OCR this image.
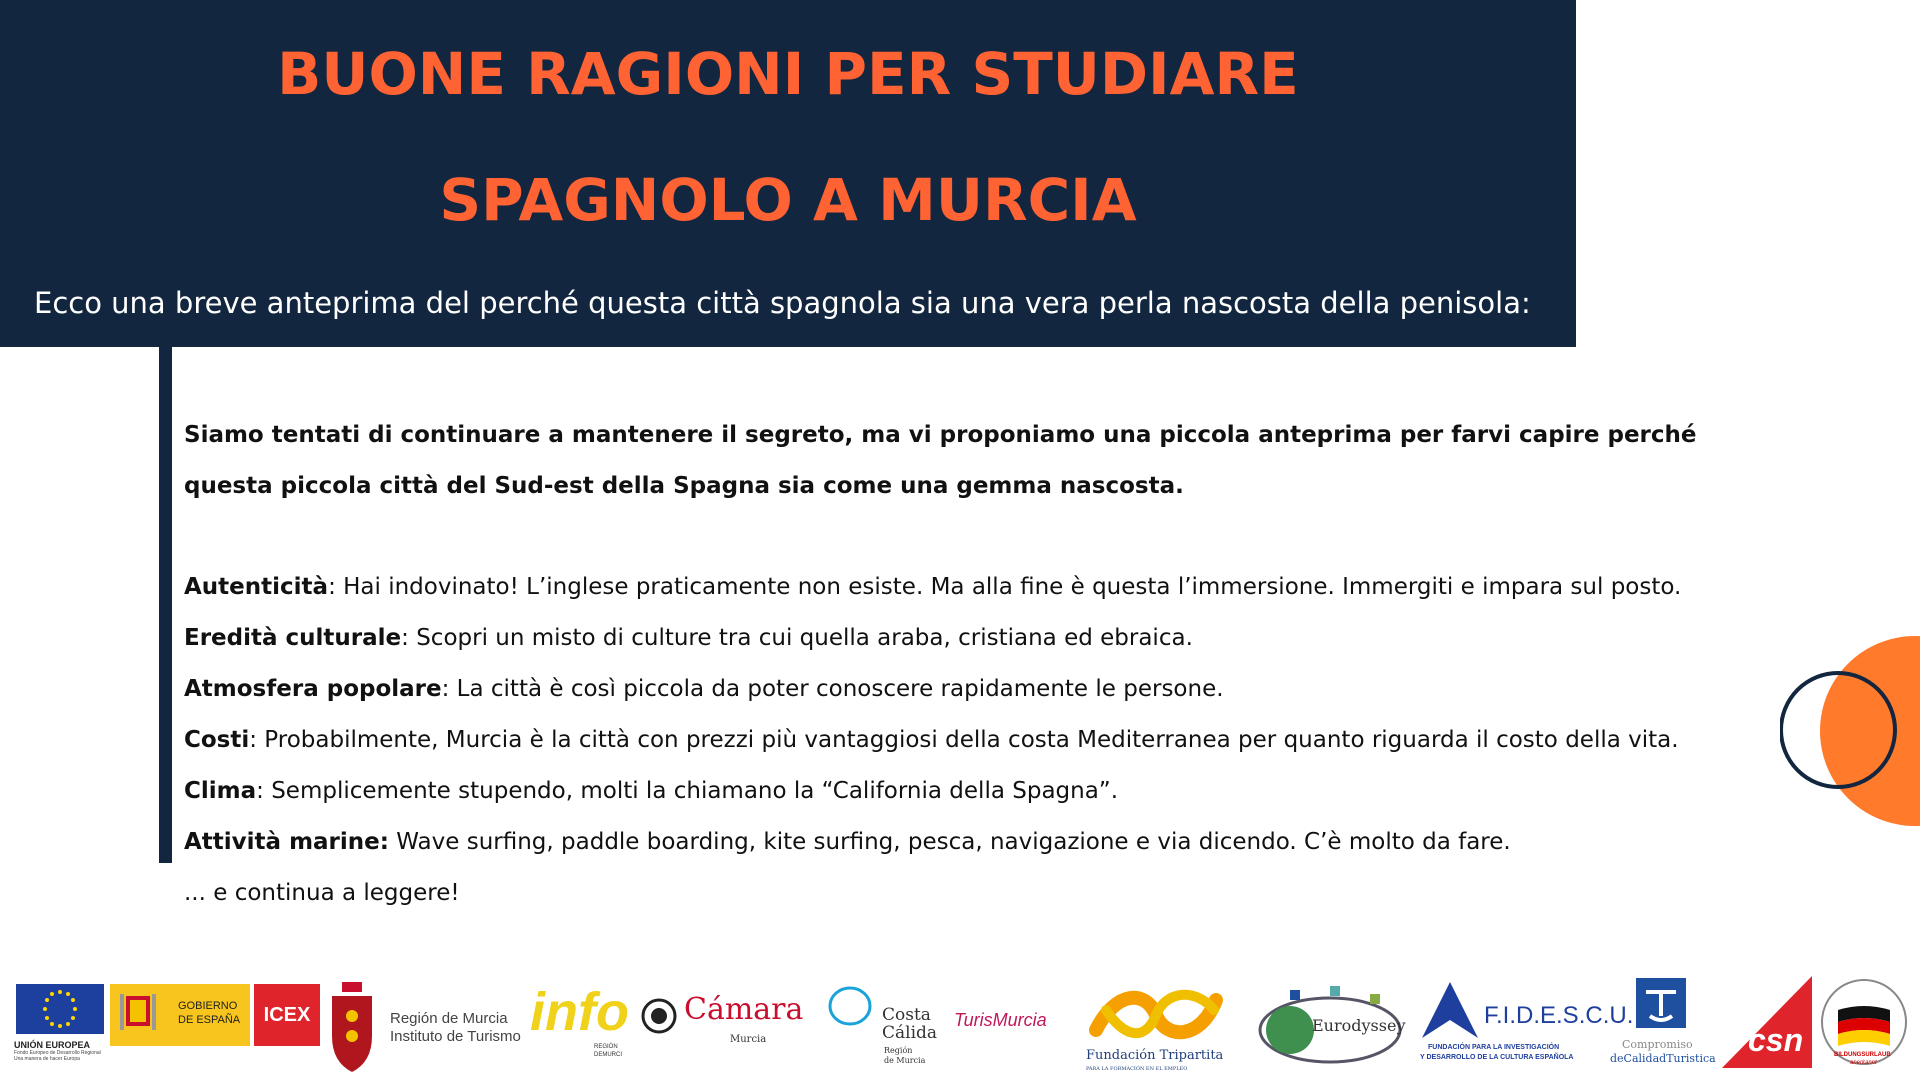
BUONE RAGIONI PER STUDIARE
SPAGNOLO A MURCIA
Ecco una breve anteprima del perché questa città spagnola sia una vera perla nascosta della penisola:

Siamo tentati di continuare a mantenere il segreto, ma vi proponiamo una piccola anteprima per farvi capire perché questa piccola città del Sud-est della Spagna sia come una gemma nascosta.

Autenticità: Hai indovinato! L’inglese praticamente non esiste. Ma alla fine è questa l’immersione. Immergiti e impara sul posto.

Eredità culturale: Scopri un misto di culture tra cui quella araba, cristiana ed ebraica.

Atmosfera popolare: La città è così piccola da poter conoscere rapidamente le persone.

Costi: Probabilmente, Murcia è la città con prezzi più vantaggiosi della costa Mediterranea per quanto riguarda il costo della vita.

Clima: Semplicemente stupendo, molti la chiamano la “California della Spagna”.

Attività marine: Wave surfing, paddle boarding, kite surfing, pesca, navigazione e via dicendo. C’è molto da fare.

... e continua a leggere!

UNIÓN EUROPEA
Fondo Europeo de Desarrollo Regional
Una manera de hacer Europa
GOBIERNO
DE ESPAÑA	ICEX	Región de Murcia
Instituto de Turismo info
REGIÓN
DEMURCI
Cámara
Murcia
Costa
Cálida
Región
de Murcia
TurisMurcia
Fundación Tripartita
PARA LA FORMACIÓN EN EL EMPLEO
Eurodyssey	F.I.D.E.S.C.U.
FUNDACIÓN PARA LA INVESTIGACIÓN
Y DESARROLLO DE LA CULTURA ESPAÑOLA
Compromiso
deCalidadTuristica
csn	BILDUNGSURLAUB
anerkannt
